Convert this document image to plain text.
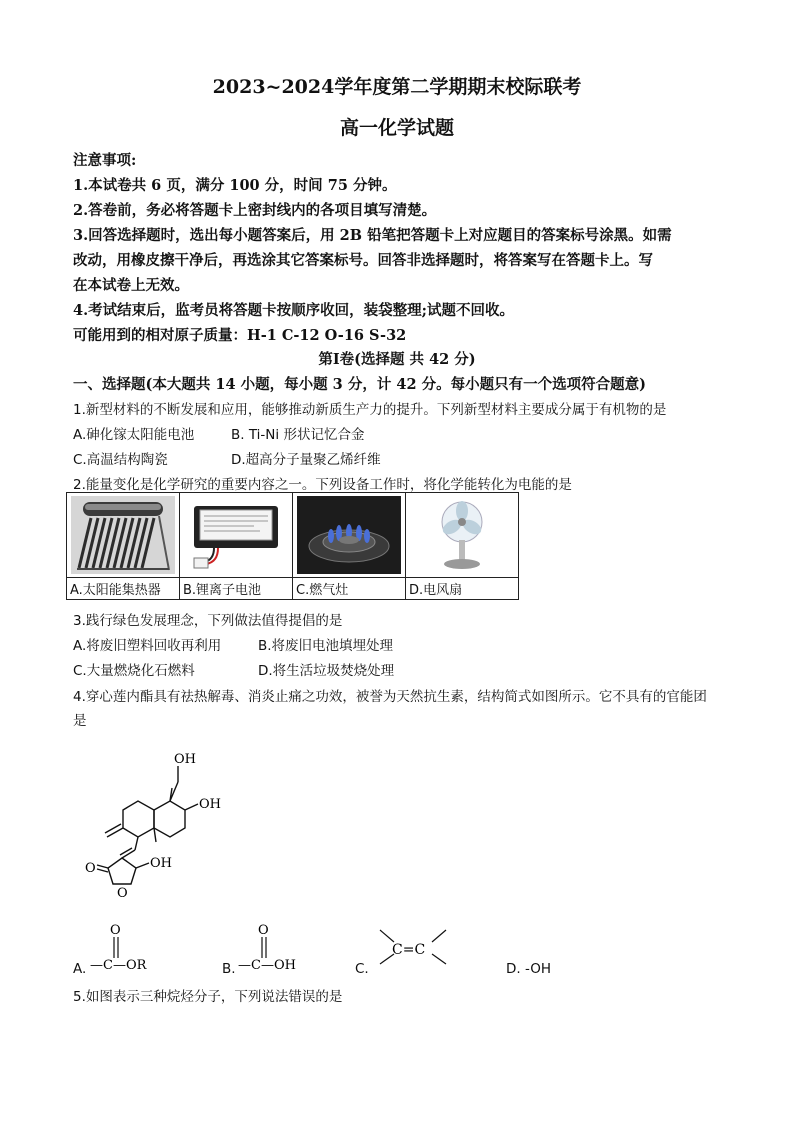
2023~2024学年度第二学期期末校际联考
高一化学试题
注意事项:
1.本试卷共 6 页，满分 100 分，时间 75 分钟。
2.答卷前，务必将答题卡上密封线内的各项目填写清楚。
3.回答选择题时，选出每小题答案后，用 2B 铅笔把答题卡上对应题目的答案标号涂黑。如需
改动，用橡皮擦干净后，再选涂其它答案标号。回答非选择题时，将答案写在答题卡上。写
在本试卷上无效。
4.考试结束后，监考员将答题卡按顺序收回，装袋整理;试题不回收。
可能用到的相对原子质量：H-1 C-12 O-16 S-32
第Ⅰ卷(选择题 共 42 分)
一、选择题(本大题共 14 小题，每小题 3 分，计 42 分。每小题只有一个选项符合题意)
1.新型材料的不断发展和应用，能够推动新质生产力的提升。下列新型材料主要成分属于有机物的是
A.砷化镓太阳能电池	B. Ti-Ni 形状记忆合金
C.高温结构陶瓷	D.超高分子量聚乙烯纤维
2.能量变化是化学研究的重要内容之一。下列设备工作时，将化学能转化为电能的是

A.太阳能集热器	B.锂离子电池	C.燃气灶	D.电风扇
3.践行绿色发展理念，下列做法值得提倡的是
A.将废旧塑料回收再利用	B.将废旧电池填埋处理
C.大量燃烧化石燃料	D.将生活垃圾焚烧处理
4.穿心莲内酯具有祛热解毒、消炎止痛之功效，被誉为天然抗生素，结构简式如图所示。它不具有的官能团
是
OH
OH
OH
O
O
A.
O
—C—OR	B.
O
—C—OH	C.
C=C
D. -OH
5.如图表示三种烷烃分子，下列说法错误的是
